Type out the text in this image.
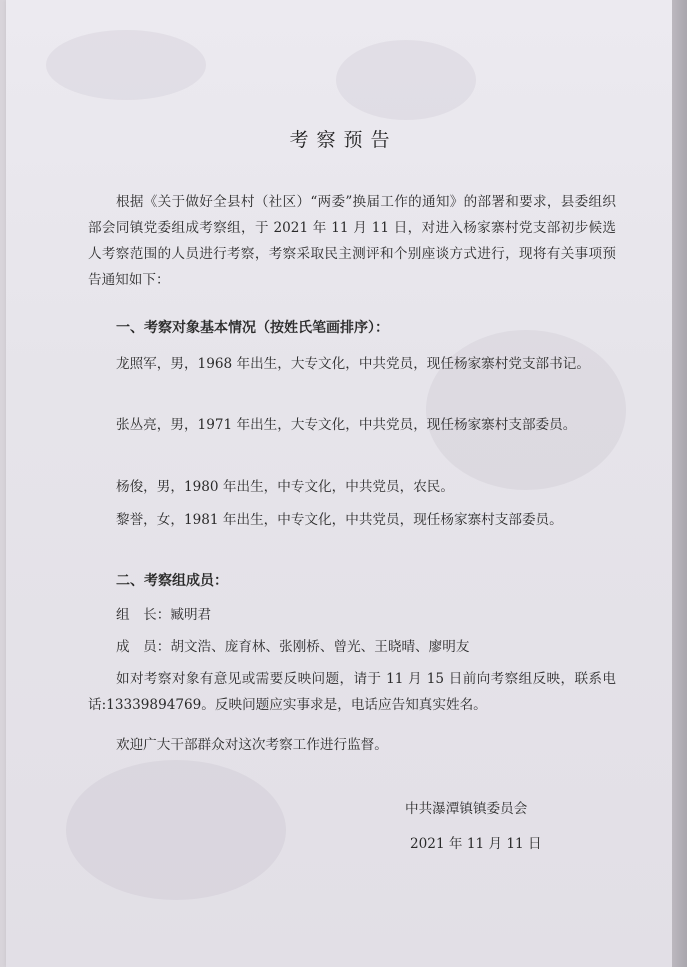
考察预告

根据《关于做好全县村（社区）“两委”换届工作的通知》的部署和要求，县委组织部会同镇党委组成考察组，于 2021 年 11 月 11 日，对进入杨家寨村党支部初步候选人考察范围的人员进行考察，考察采取民主测评和个别座谈方式进行，现将有关事项预告通知如下：

一、考察对象基本情况（按姓氏笔画排序）：

龙照军，男，1968 年出生，大专文化，中共党员，现任杨家寨村党支部书记。

张丛亮，男，1971 年出生，大专文化，中共党员，现任杨家寨村支部委员。

杨俊，男，1980 年出生，中专文化，中共党员，农民。

黎誉，女，1981 年出生，中专文化，中共党员，现任杨家寨村支部委员。

二、考察组成员：

组　长：臧明君

成　员：胡文浩、庞育林、张刚桥、曾光、王晓晴、廖明友

如对考察对象有意见或需要反映问题，请于 11 月 15 日前向考察组反映，联系电话:13339894769。反映问题应实事求是，电话应告知真实姓名。

欢迎广大干部群众对这次考察工作进行监督。

中共瀑潭镇镇委员会
2021 年 11 月 11 日
